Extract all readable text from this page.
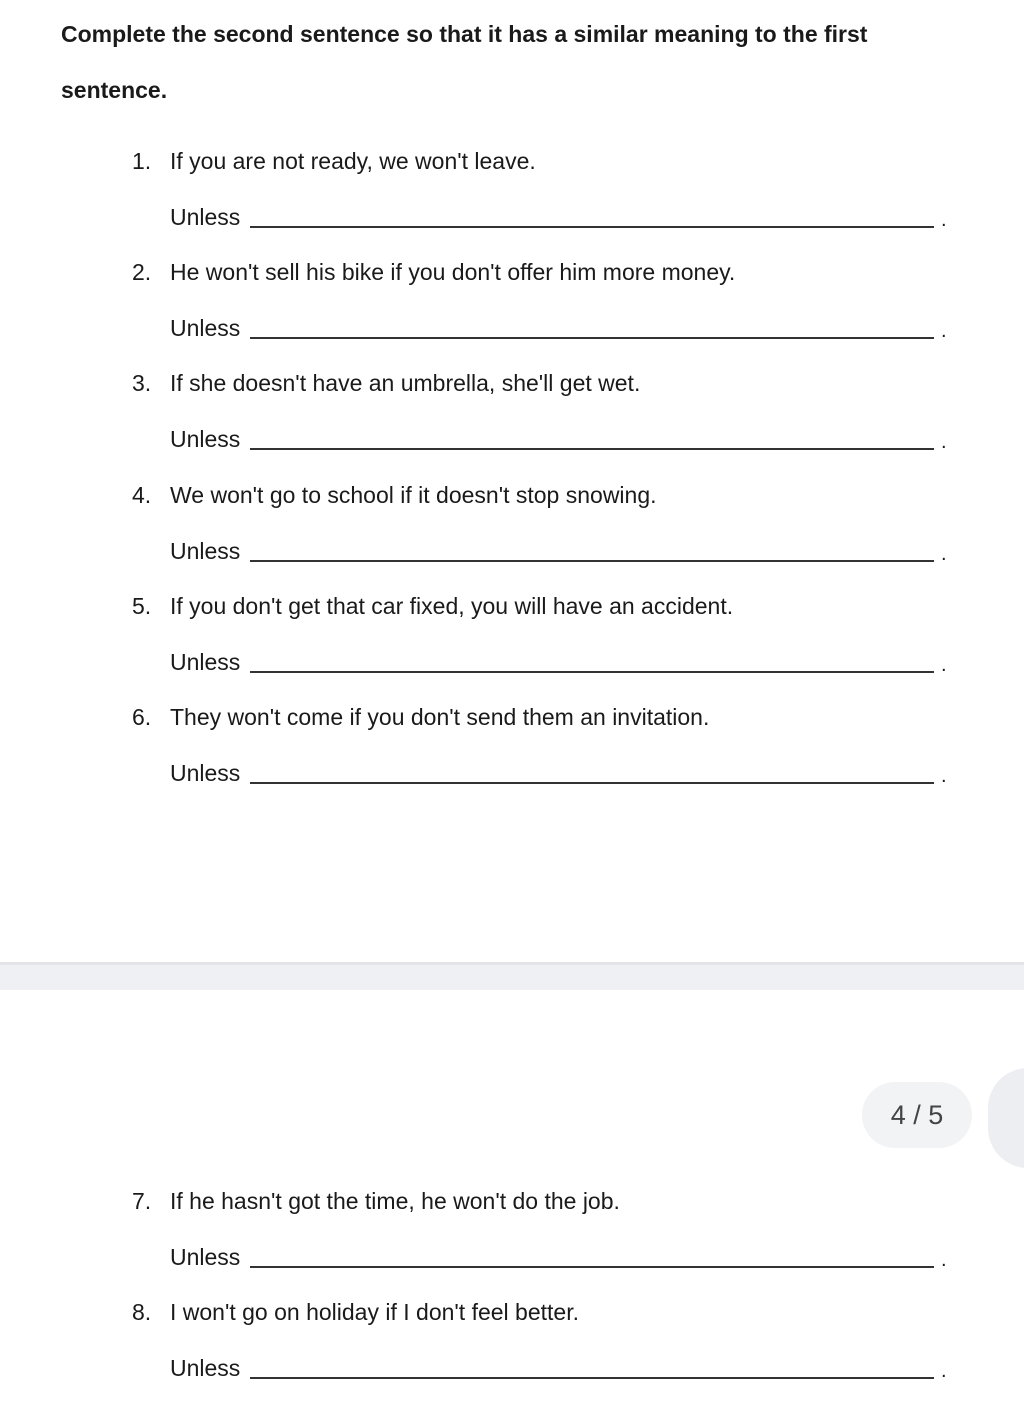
Complete the second sentence so that it has a similar meaning to the first sentence.

1. If you are not ready, we won't leave.
Unless	.
2. He won't sell his bike if you don't offer him more money.
Unless	.
3. If she doesn't have an umbrella, she'll get wet.
Unless	.
4. We won't go to school if it doesn't stop snowing.
Unless	.
5. If you don't get that car fixed, you will have an accident.
Unless	.
6. They won't come if you don't send them an invitation.
Unless	.
7. If he hasn't got the time, he won't do the job.
Unless	.
8. I won't go on holiday if I don't feel better.
Unless	.
4 / 5
